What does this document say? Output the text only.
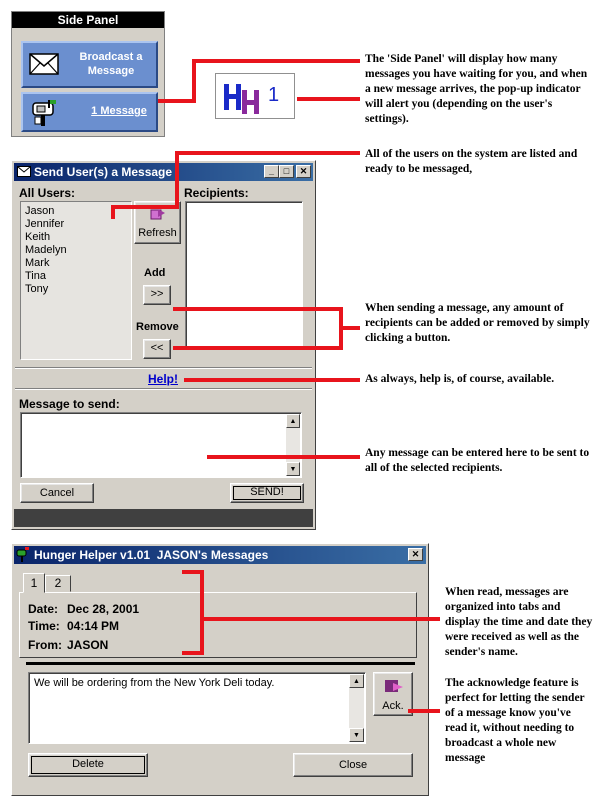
Side Panel
Broadcast a Message
1 Message
1
The 'Side Panel' will display how many messages you have waiting for you, and when a new message arrives, the pop-up indicator will alert you (depending on the user's settings).
Send User(s) a Message	_	□	✕
All Users:	Recipients:
Jason
Jennifer
Keith
Madelyn
Mark
Tina
Tony
Refresh
Add
>>
Remove
<<
Help!
Message to send:
▲
▼
Cancel	SEND!
All of the users on the system are listed and ready to be messaged,
When sending a message, any amount of recipients can be added or removed by simply clicking a button.
As always, help is, of course, available.
Any message can be entered here to be sent to all of the selected recipients.
Hunger Helper v1.01  JASON's Messages	✕
1	2
Date: Dec 28, 2001
Time: 04:14 PM
From: JASON
We will be ordering from the New York Deli today.	▲
▼
Ack.
Delete	Close
When read, messages are organized into tabs and display the time and date they were received as well as the sender's name.
The acknowledge feature is perfect for letting the sender of a message know you've read it, without needing to broadcast a whole new message
